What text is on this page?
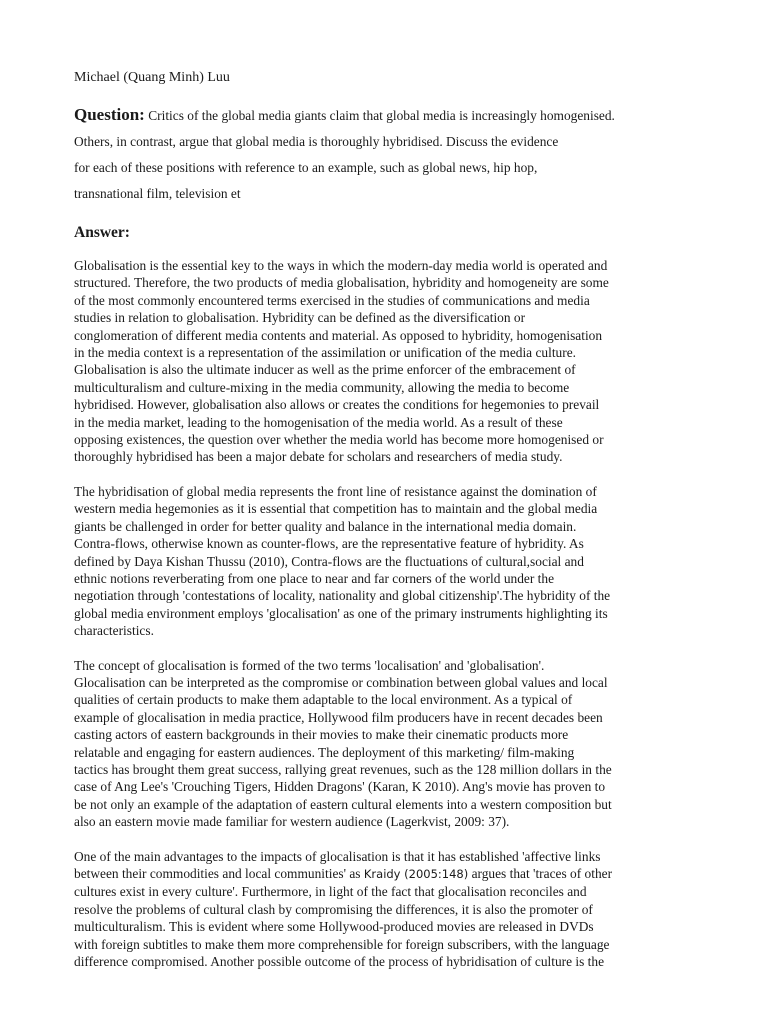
Michael (Quang Minh) Luu
Question: Critics of the global media giants claim that global media is increasingly homogenised.
Others, in contrast, argue that global media is thoroughly hybridised. Discuss the evidence
for each of these positions with reference to an example, such as global news, hip hop,
transnational film, television et
Answer:
Globalisation is the essential key to the ways in which the modern-day media world is operated and
structured. Therefore, the two products of media globalisation, hybridity and homogeneity are some
of the most commonly encountered terms exercised in the studies of communications and media
studies in relation to globalisation. Hybridity can be defined as the diversification or
conglomeration of different media contents and material. As opposed to hybridity, homogenisation
in the media context is a representation of the assimilation or unification of the media culture.
Globalisation is also the ultimate inducer as well as the prime enforcer of the embracement of
multiculturalism and culture-mixing in the media community, allowing the media to become
hybridised. However, globalisation also allows or creates the conditions for hegemonies to prevail
in the media market, leading to the homogenisation of the media world. As a result of these
opposing existences, the question over whether the media world has become more homogenised or
thoroughly hybridised has been a major debate for scholars and researchers of media study.
The hybridisation of global media represents the front line of resistance against the domination of
western media hegemonies as it is essential that competition has to maintain and the global media
giants be challenged in order for better quality and balance in the international media domain.
Contra-flows, otherwise known as counter-flows, are the representative feature of hybridity. As
defined by Daya Kishan Thussu (2010), Contra-flows are the fluctuations of cultural,social and
ethnic notions reverberating from one place to near and far corners of the world under the
negotiation through 'contestations of locality, nationality and global citizenship'.The hybridity of the
global media environment employs 'glocalisation' as one of the primary instruments highlighting its
characteristics.
The concept of glocalisation is formed of the two terms 'localisation' and 'globalisation'.
Glocalisation can be interpreted as the compromise or combination between global values and local
qualities of certain products to make them adaptable to the local environment. As a typical of
example of glocalisation in media practice, Hollywood film producers have in recent decades been
casting actors of eastern backgrounds in their movies to make their cinematic products more
relatable and engaging for eastern audiences. The deployment of this marketing/ film-making
tactics has brought them great success, rallying great revenues, such as the 128 million dollars in the
case of Ang Lee's 'Crouching Tigers, Hidden Dragons' (Karan, K 2010). Ang's movie has proven to
be not only an example of the adaptation of eastern cultural elements into a western composition but
also an eastern movie made familiar for western audience (Lagerkvist, 2009: 37).
One of the main advantages to the impacts of glocalisation is that it has established 'affective links
between their commodities and local communities' as Kraidy (2005:148) argues that 'traces of other
cultures exist in every culture'. Furthermore, in light of the fact that glocalisation reconciles and
resolve the problems of cultural clash by compromising the differences, it is also the promoter of
multiculturalism. This is evident where some Hollywood-produced movies are released in DVDs
with foreign subtitles to make them more comprehensible for foreign subscribers, with the language
difference compromised. Another possible outcome of the process of hybridisation of culture is the
